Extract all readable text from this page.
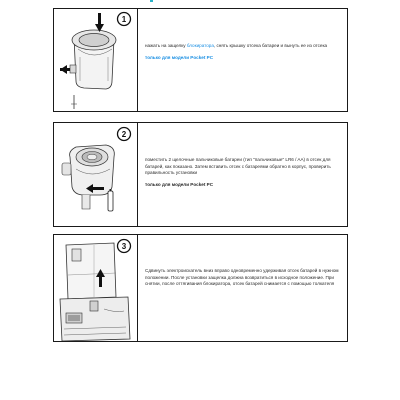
1

нажать на защелку блокиратора, снять крышку отсека батареи и вынуть ее из отсека

только для модели Pocket PC

2

поместить 2 щелочные пальчиковые батареи (тип "пальчиковые" LR6 / AA) в отсек для батарей, как показано. Затем вставить отсек с батареями обратно в корпус, проверить правильность установки

только для модели Pocket PC

3

Сдвинуть электроискатель вниз вправо одновременно удерживая отсек батарей в нужном положении. После установки защелка должна возвратиться в исходное положение. При снятии, после оттягивания блокиратора, отсек батарей снимается с помощью толкателя
